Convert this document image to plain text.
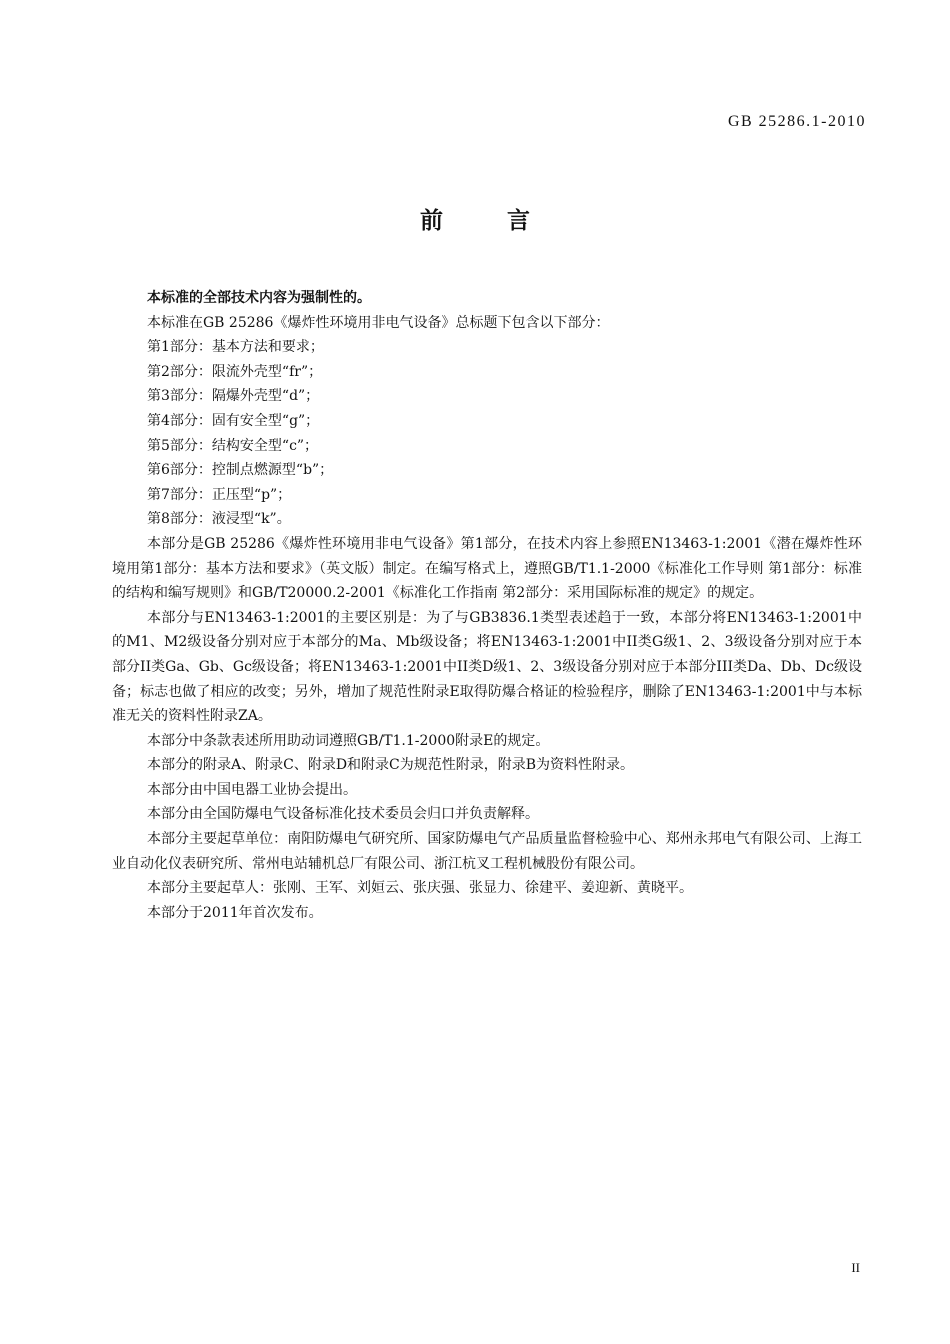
GB 25286.1-2010
前言

本标准的全部技术内容为强制性的。

本标准在GB 25286《爆炸性环境用非电气设备》总标题下包含以下部分：

第1部分：基本方法和要求；

第2部分：限流外壳型“fr”；

第3部分：隔爆外壳型“d”；

第4部分：固有安全型“g”；

第5部分：结构安全型“c”；

第6部分：控制点燃源型“b”；

第7部分：正压型“p”；

第8部分：液浸型“k”。

本部分是GB 25286《爆炸性环境用非电气设备》第1部分，在技术内容上参照EN13463-1:2001《潜在爆炸性环境用第1部分：基本方法和要求》（英文版）制定。在编写格式上，遵照GB/T1.1-2000《标准化工作导则 第1部分：标准的结构和编写规则》和GB/T20000.2-2001《标准化工作指南 第2部分：采用国际标准的规定》的规定。

本部分与EN13463-1:2001的主要区别是：为了与GB3836.1类型表述趋于一致，本部分将EN13463-1:2001中的M1、M2级设备分别对应于本部分的Ma、Mb级设备；将EN13463-1:2001中II类G级1、2、3级设备分别对应于本部分II类Ga、Gb、Gc级设备；将EN13463-1:2001中II类D级1、2、3级设备分别对应于本部分III类Da、Db、Dc级设备；标志也做了相应的改变；另外，增加了规范性附录E取得防爆合格证的检验程序，删除了EN13463-1:2001中与本标准无关的资料性附录ZA。

本部分中条款表述所用助动词遵照GB/T1.1-2000附录E的规定。

本部分的附录A、附录C、附录D和附录C为规范性附录，附录B为资料性附录。

本部分由中国电器工业协会提出。

本部分由全国防爆电气设备标准化技术委员会归口并负责解释。

本部分主要起草单位：南阳防爆电气研究所、国家防爆电气产品质量监督检验中心、郑州永邦电气有限公司、上海工业自动化仪表研究所、常州电站辅机总厂有限公司、浙江杭叉工程机械股份有限公司。

本部分主要起草人：张刚、王军、刘姮云、张庆强、张显力、徐建平、姜迎新、黄晓平。

本部分于2011年首次发布。

II
